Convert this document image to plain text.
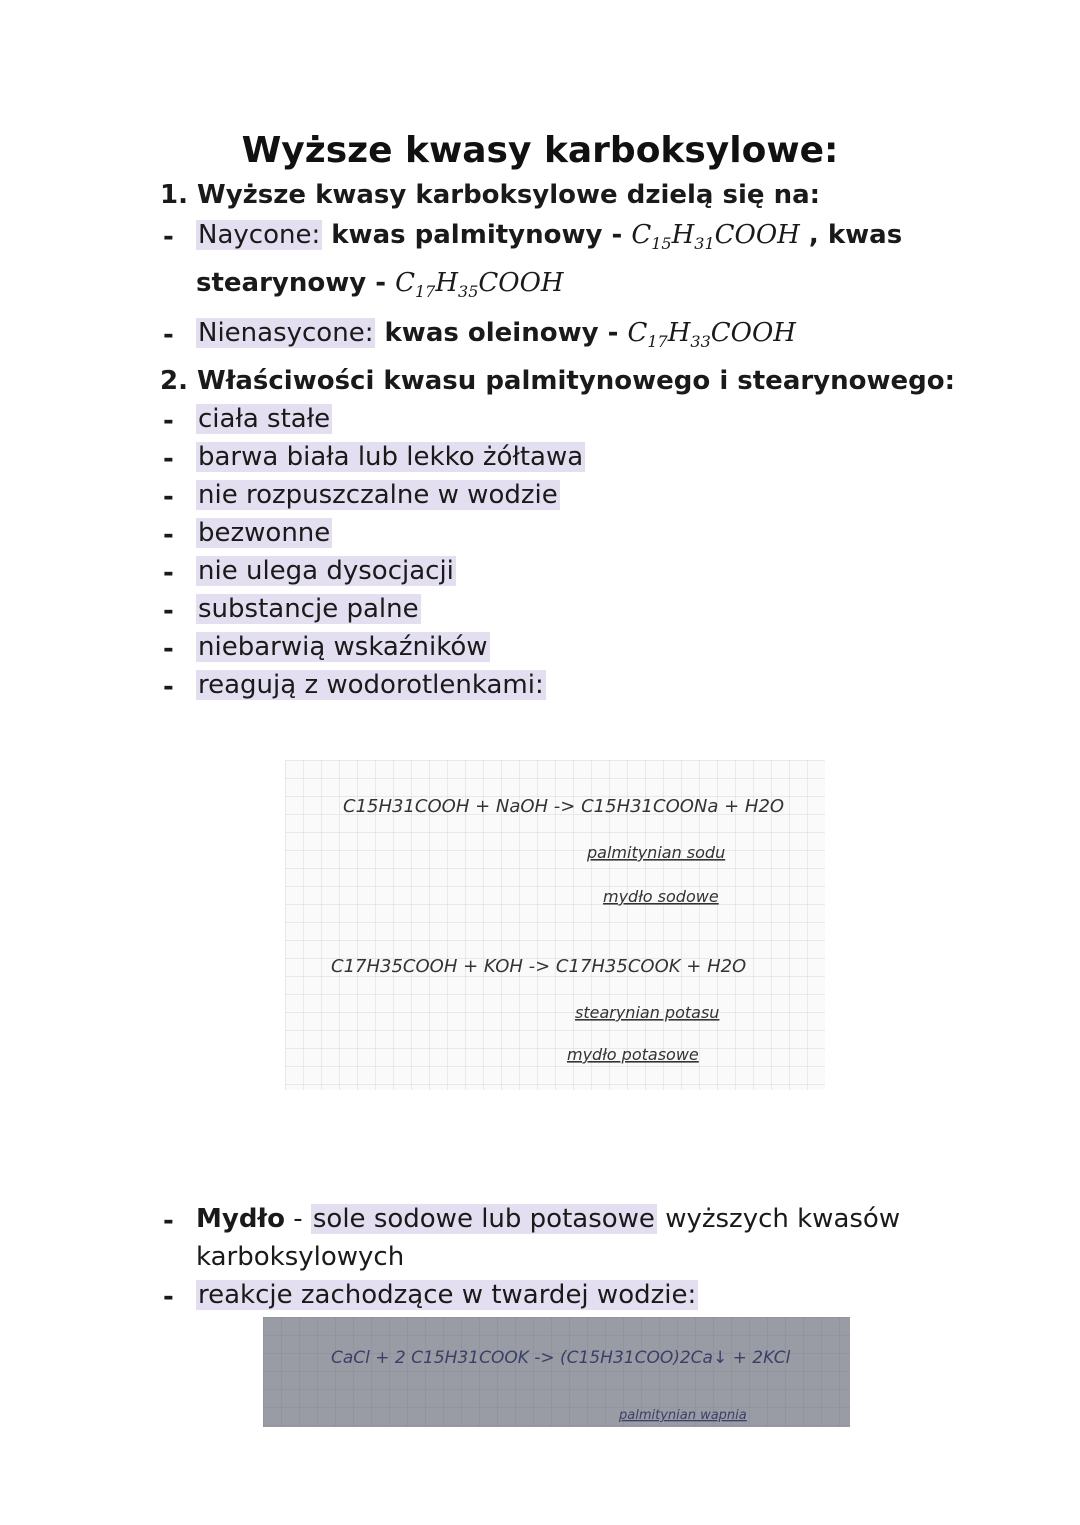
Wyższe kwasy karboksylowe:
1. Wyższe kwasy karboksylowe dzielą się na:
- Naycone: kwas palmitynowy - $C_{15}H_{31}COOH$ , kwas
stearynowy - $C_{17}H_{35}COOH$
- Nienasycone: kwas oleinowy - $C_{17}H_{33}COOH$
2. Właściwości kwasu palmitynowego i stearynowego:
- ciała stałe
- barwa biała lub lekko żółtawa
- nie rozpuszczalne w wodzie
- bezwonne
- nie ulega dysocjacji
- substancje palne
- niebarwią wskaźników
- reagują z wodorotlenkami:
C15H31COOH + NaOH -> C15H31COONa + H2O
palmitynian sodu
mydło sodowe
C17H35COOH + KOH -> C17H35COOK + H2O
stearynian potasu
mydło potasowe
- Mydło - sole sodowe lub potasowe wyższych kwasów
karboksylowych
- reakcje zachodzące w twardej wodzie:
CaCl + 2 C15H31COOK -> (C15H31COO)2Ca↓ + 2KCl
palmitynian wapnia
